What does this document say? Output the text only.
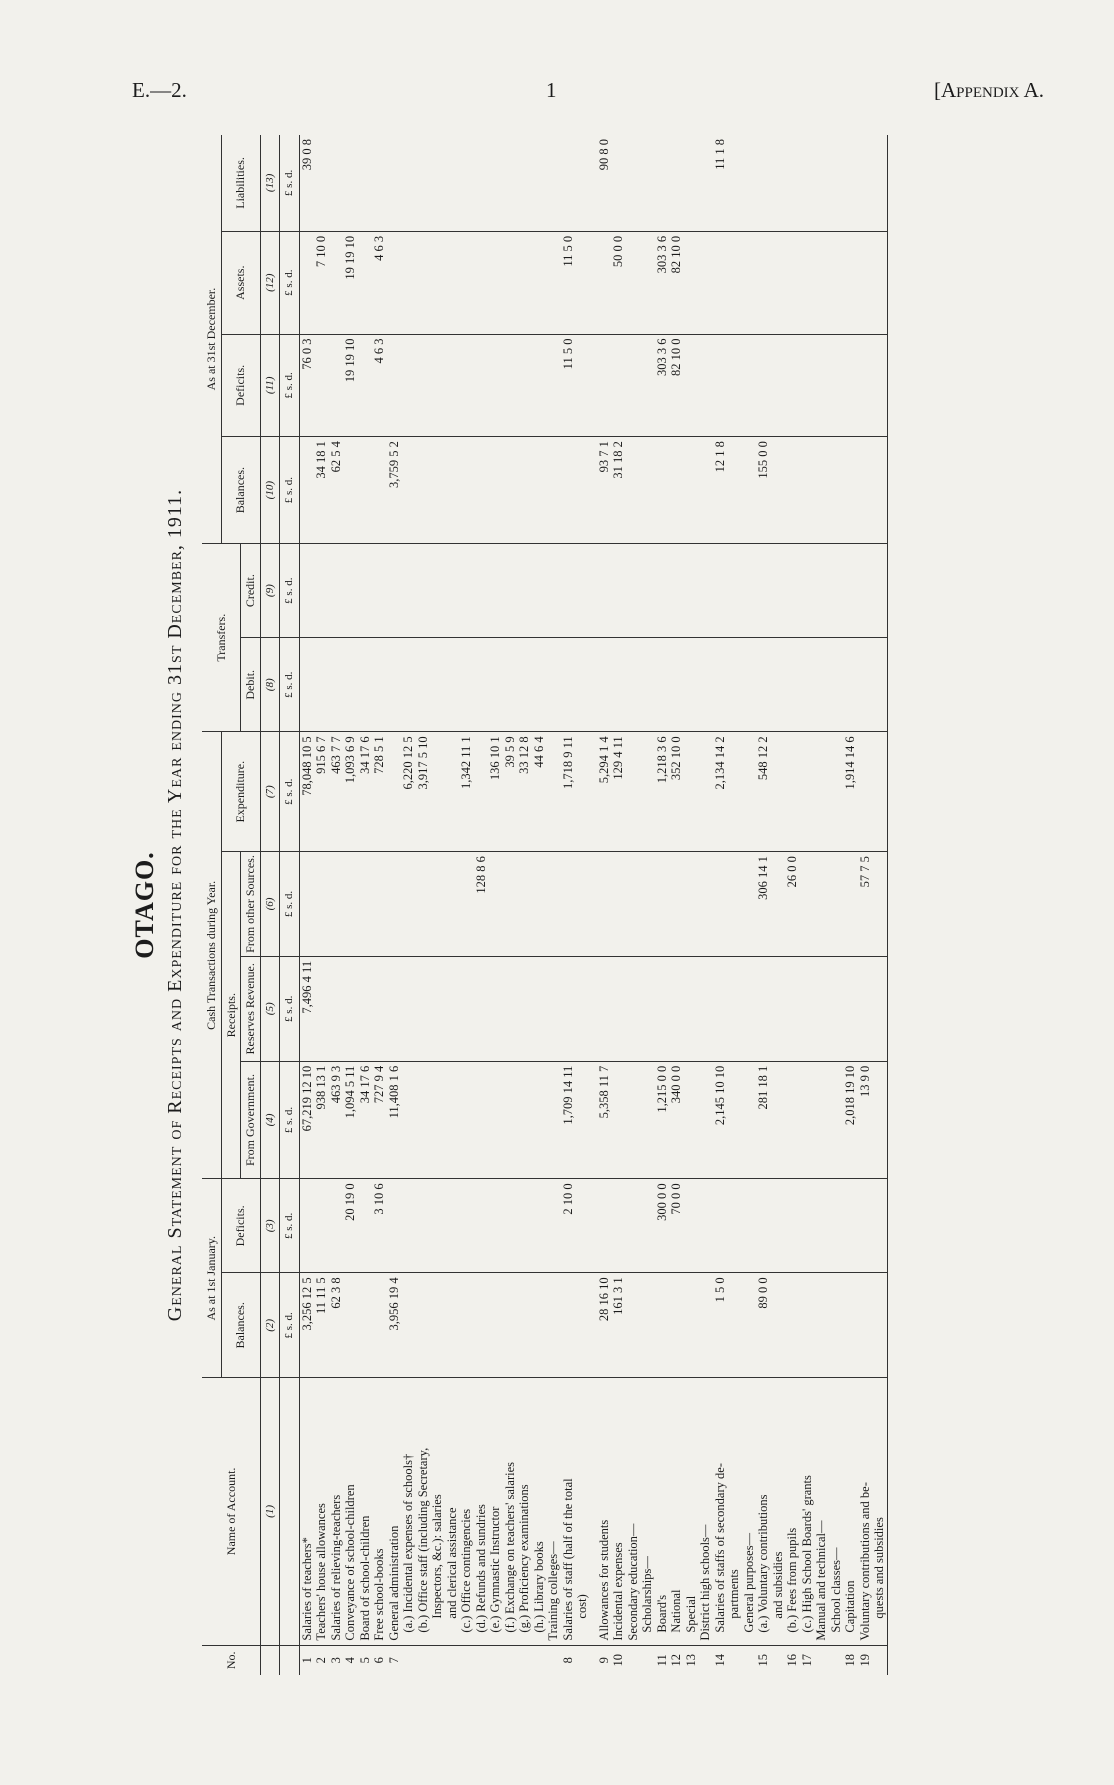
E.—2.	1	[Appendix A.
OTAGO. General Statement of Receipts and Expenditure for the Year ending 31st December, 1911.
No.	Name of Account.	As at 1st January.		Cash Transactions during Year.				Transfers.		As at 31st December.			
		Balances.	Deficits.	Receipts.			Expenditure.			Balances.	Deficits.	Assets.	Liabilities.
				From Government.	Reserves Revenue.	From other Sources.		Debit.	Credit.				
	(1)	(2)	(3)	(4)	(5)	(6)	(7)	(8)	(9)	(10)	(11)	(12)	(13)
		£ s. d.	£ s. d.	£ s. d.	£ s. d.	£ s. d.	£ s. d.	£ s. d.	£ s. d.	£ s. d.	£ s. d.	£ s. d.	£ s. d.
1	Salaries of teachers*	3,256 12 5		67,219 12 10	7,496 4 11		78,048 10 5				76 0 3		39 0 8
2	Teachers' house allowances	11 11 5		938 13 1			915 6 7			34 18 1		7 10 0	
3	Salaries of relieving-teachers	62 3 8		463 9 3			463 7 7			62 5 4			
4	Conveyance of school-children		20 19 0	1,094 5 11			1,093 6 9				19 19 10	19 19 10	
5	Board of school-children			34 17 6			34 17 6						
6	Free school-books		3 10 6	727 9 4			728 5 1				4 6 3	4 6 3	
7	General administration	3,956 19 4		11,408 1 6						3,759 5 2			
	(a.) Incidental expenses of schools†						6,220 12 5						
	(b.) Office staff (including Secretary,						3,917 5 10						
	Inspectors, &c.): salaries												
	and clerical assistance												
	(c.) Office contingencies						1,342 11 1						
	(d.) Refunds and sundries					128 8 6							
	(e.) Gymnastic Instructor						136 10 1						
	(f.) Exchange on teachers' salaries						39 5 9						
	(g.) Proficiency examinations						33 12 8						
	(h.) Library books						44 6 4						
	Training colleges—												
8	Salaries of staff (half of the total		2 10 0	1,709 14 11			1,718 9 11				11 5 0	11 5 0	
	cost)												

9	Allowances for students	28 16 10		5,358 11 7			5,294 1 4			93 7 1			90 8 0
10	Incidental expenses	161 3 1					129 4 11			31 18 2		50 0 0	
	Secondary education—												
	Scholarships—												
11	Board's		300 0 0	1,215 0 0			1,218 3 6				303 3 6	303 3 6	
12	National		70 0 0	340 0 0			352 10 0				82 10 0	82 10 0	
13	Special												
	District high schools—												
14	Salaries of staffs of secondary de-	1 5 0		2,145 10 10			2,134 14 2			12 1 8			11 1 8
	partments												
	General purposes—												
15	(a.) Voluntary contributions	89 0 0		281 18 1		306 14 1	548 12 2			155 0 0			
	and subsidies												
16	(b.) Fees from pupils					26 0 0							
17	(c.) High School Boards' grants												
	Manual and technical—												
	School classes—												
18	Capitation			2,018 19 10			1,914 14 6						
19	Voluntary contributions and be-			13 9 0		57 7 5							
	quests and subsidies												
